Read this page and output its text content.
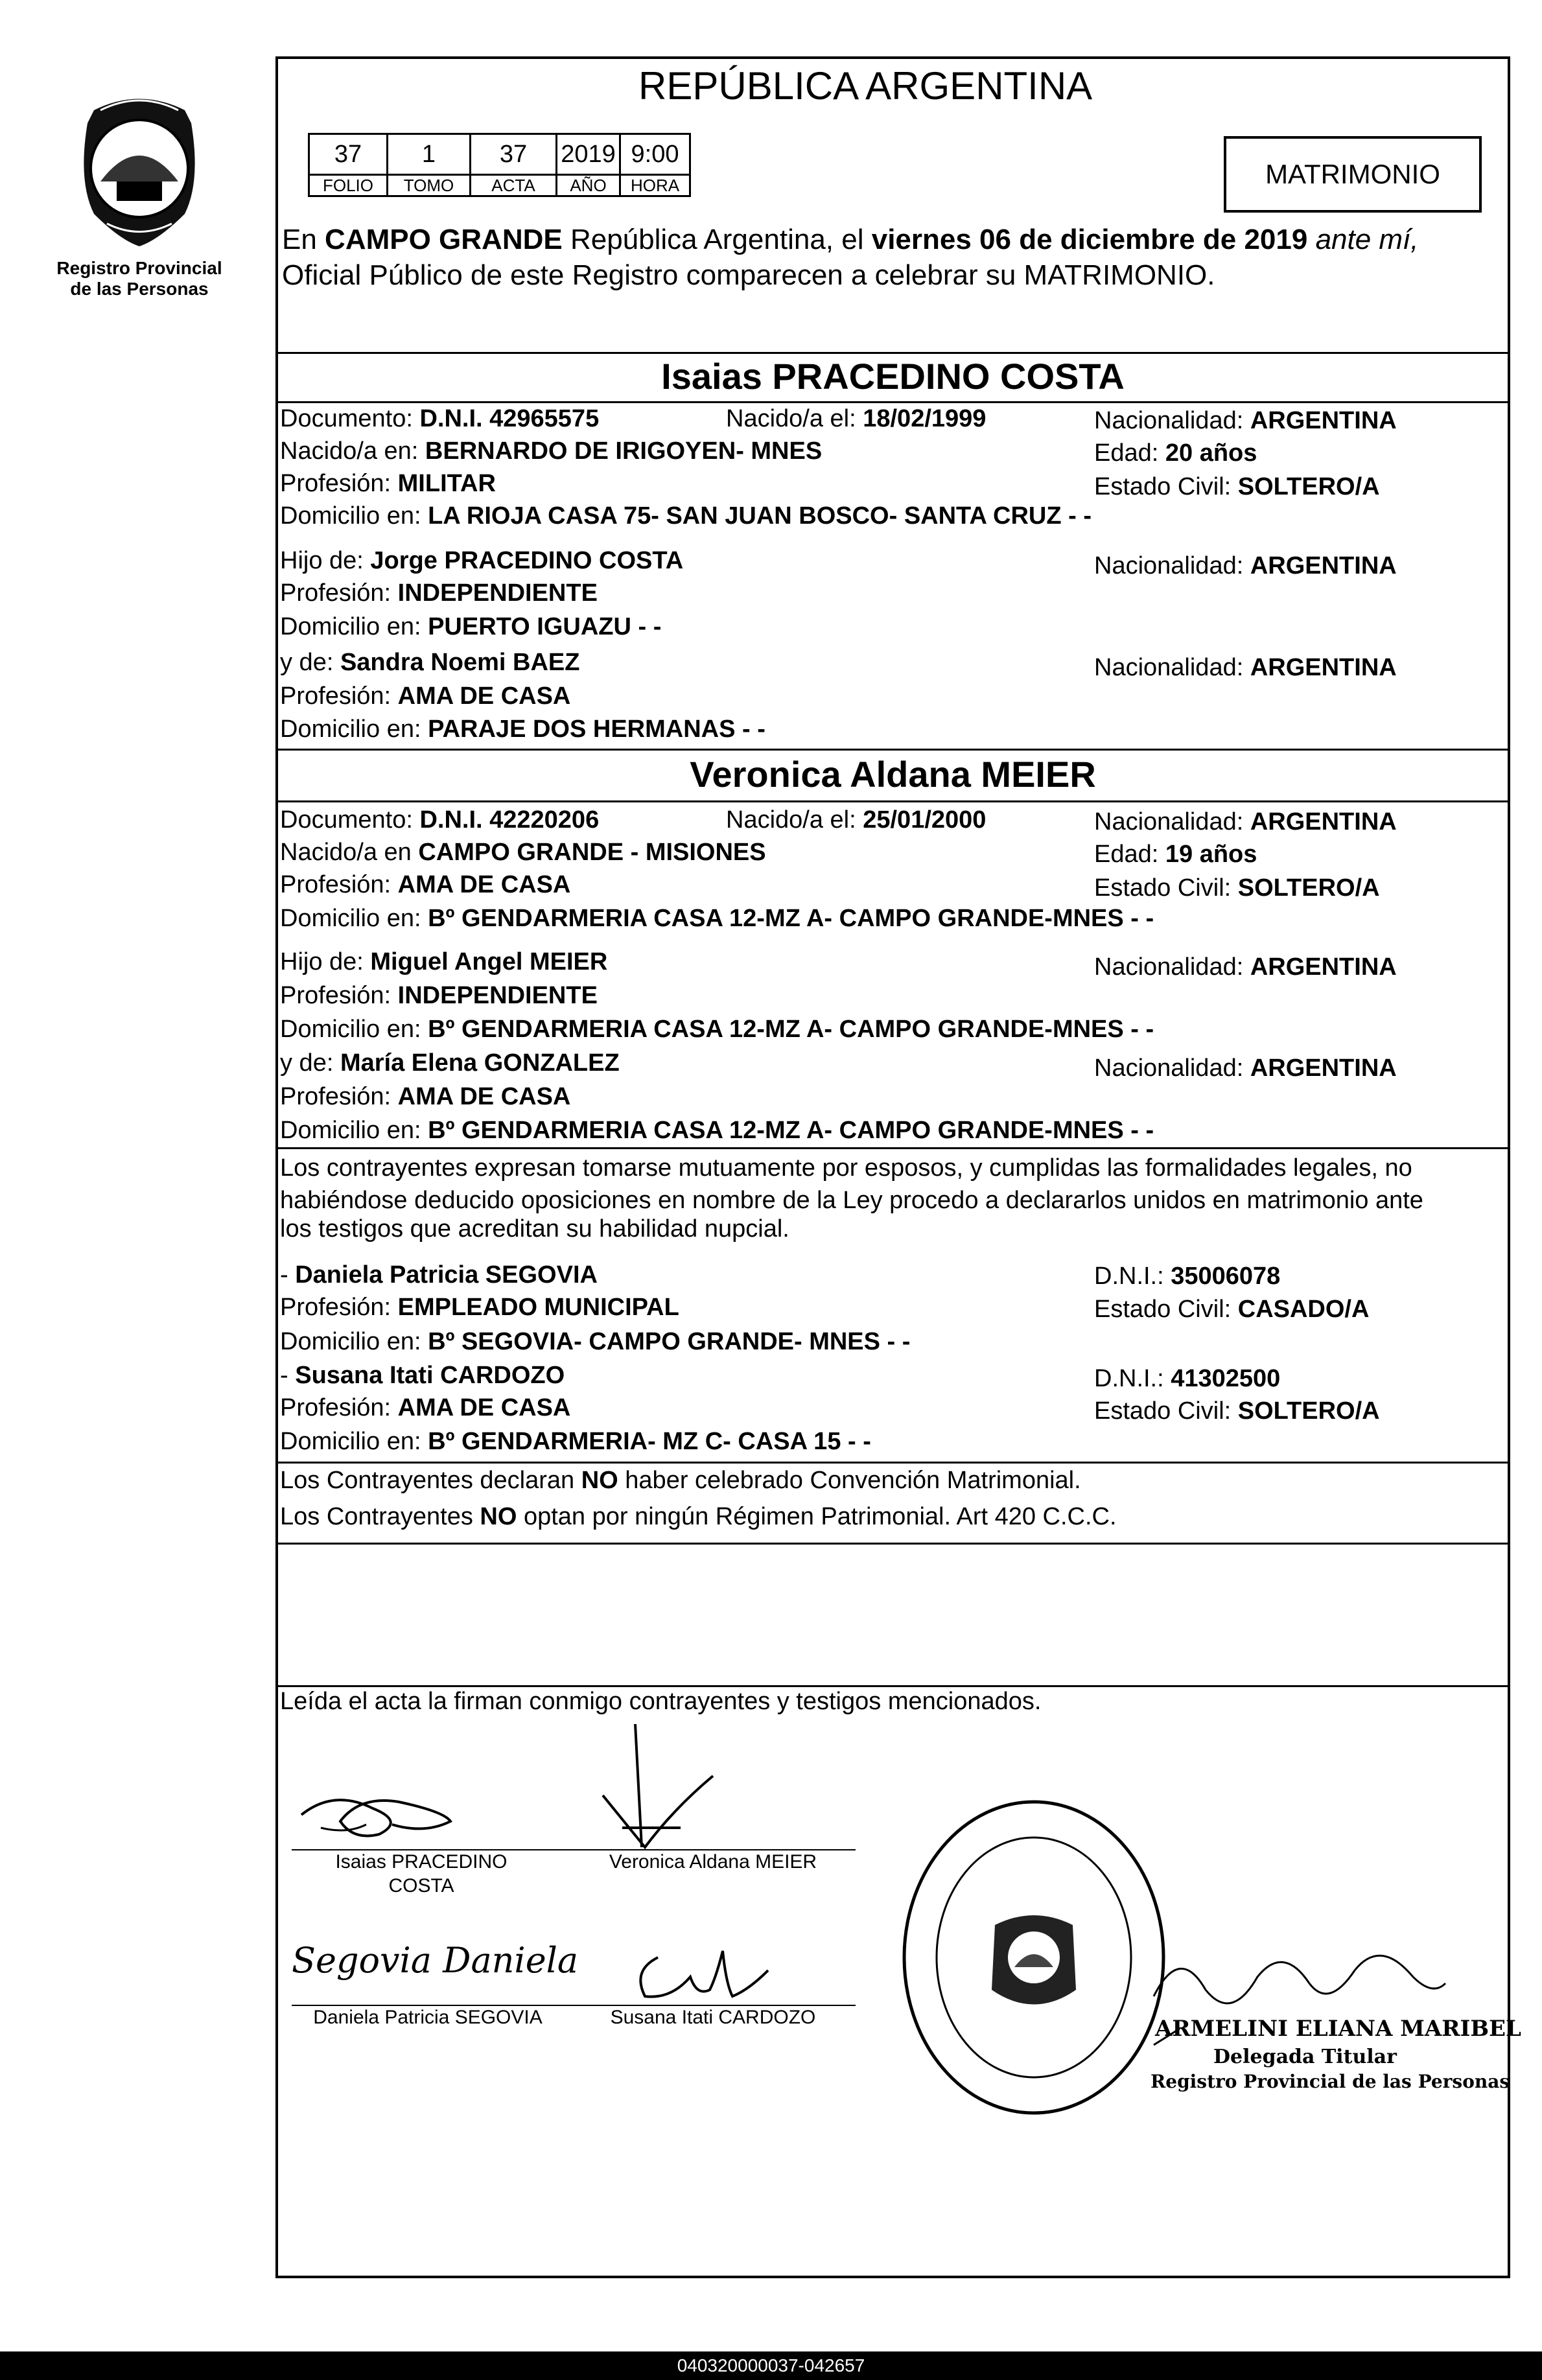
Registro Provincial
de las Personas
REPÚBLICA ARGENTINA
37	1	37	2019	9:00
FOLIO	TOMO	ACTA	AÑO	HORA	MATRIMONIO
En CAMPO GRANDE República Argentina, el viernes 06 de diciembre de 2019 ante mí,
Oficial Público de este Registro comparecen a celebrar su MATRIMONIO.
Isaias PRACEDINO COSTA
Documento: D.N.I. 42965575	Nacido/a el: 18/02/1999	Nacionalidad: ARGENTINA
Nacido/a en: BERNARDO DE IRIGOYEN- MNES	Edad: 20 años
Profesión: MILITAR	Estado Civil: SOLTERO/A
Domicilio en: LA RIOJA CASA 75- SAN JUAN BOSCO- SANTA CRUZ - -
Hijo de: Jorge PRACEDINO COSTA	Nacionalidad: ARGENTINA
Profesión: INDEPENDIENTE
Domicilio en: PUERTO IGUAZU - -
y de: Sandra Noemi BAEZ	Nacionalidad: ARGENTINA
Profesión: AMA DE CASA
Domicilio en: PARAJE DOS HERMANAS - -
Veronica Aldana MEIER
Documento: D.N.I. 42220206	Nacido/a el: 25/01/2000	Nacionalidad: ARGENTINA
Nacido/a en CAMPO GRANDE - MISIONES	Edad: 19 años
Profesión: AMA DE CASA	Estado Civil: SOLTERO/A
Domicilio en: Bº GENDARMERIA CASA 12-MZ A- CAMPO GRANDE-MNES - -
Hijo de: Miguel Angel MEIER	Nacionalidad: ARGENTINA
Profesión: INDEPENDIENTE
Domicilio en: Bº GENDARMERIA CASA 12-MZ A- CAMPO GRANDE-MNES - -
y de: María Elena GONZALEZ	Nacionalidad: ARGENTINA
Profesión: AMA DE CASA
Domicilio en: Bº GENDARMERIA CASA 12-MZ A- CAMPO GRANDE-MNES - -
Los contrayentes expresan tomarse mutuamente por esposos, y cumplidas las formalidades legales, no
habiéndose deducido oposiciones en nombre de la Ley procedo a declararlos unidos en matrimonio ante
los testigos que acreditan su habilidad nupcial.
- Daniela Patricia SEGOVIA	D.N.I.: 35006078
Profesión: EMPLEADO MUNICIPAL	Estado Civil: CASADO/A
Domicilio en: Bº SEGOVIA- CAMPO GRANDE- MNES - -
- Susana Itati CARDOZO	D.N.I.: 41302500
Profesión: AMA DE CASA	Estado Civil: SOLTERO/A
Domicilio en: Bº GENDARMERIA- MZ C- CASA 15 - -
Los Contrayentes declaran NO haber celebrado Convención Matrimonial.
Los Contrayentes NO optan por ningún Régimen Patrimonial. Art 420 C.C.C.
Leída el acta la firman conmigo contrayentes y testigos mencionados.
Isaias PRACEDINO
COSTA
Veronica Aldana MEIER
Segovia Daniela
Daniela Patricia SEGOVIA	Susana Itati CARDOZO	ARMELINI ELIANA MARIBEL
Delegada Titular
Registro Provincial de las Personas
040320000037-042657
